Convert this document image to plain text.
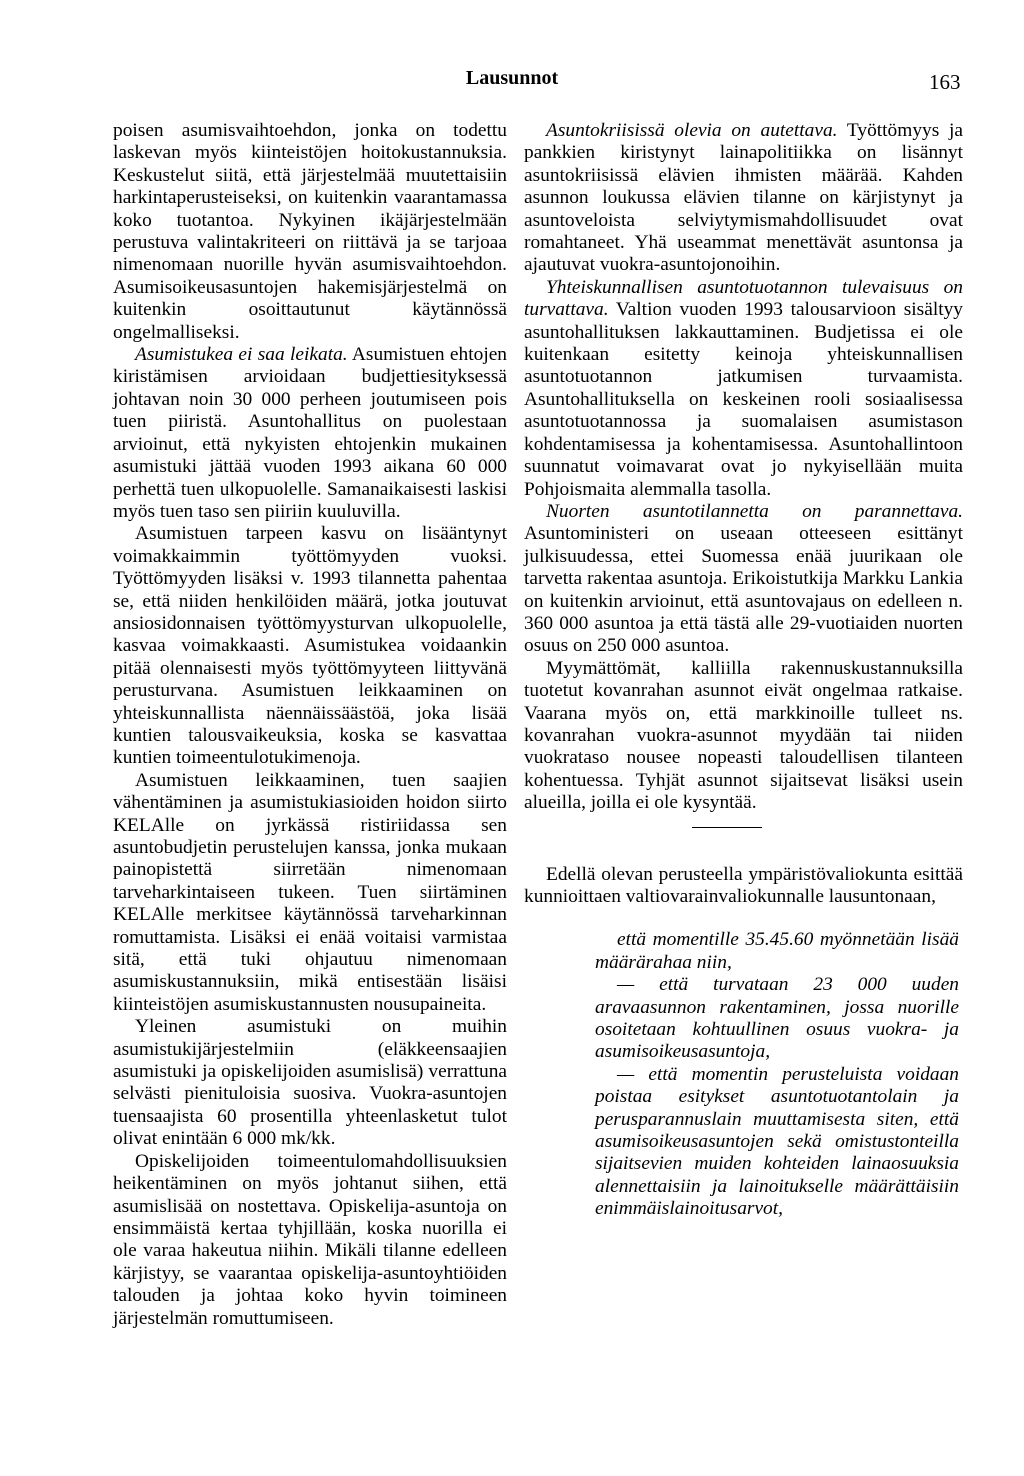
Lausunnot	163

poisen asumisvaihtoehdon, jonka on todettu laskevan myös kiinteistöjen hoitokustannuksia. Keskustelut siitä, että järjestelmää muutettaisiin harkintaperusteiseksi, on kuitenkin vaarantamassa koko tuotantoa. Nykyinen ikäjärjestelmään perustuva valintakriteeri on riittävä ja se tarjoaa nimenomaan nuorille hyvän asumisvaihtoehdon. Asumisoikeusasuntojen hakemisjärjestelmä on kuitenkin osoittautunut käytännössä ongelmalliseksi.

Asumistukea ei saa leikata. Asumistuen ehtojen kiristämisen arvioidaan budjettiesityksessä johtavan noin 30 000 perheen joutumiseen pois tuen piiristä. Asuntohallitus on puolestaan arvioinut, että nykyisten ehtojenkin mukainen asumistuki jättää vuoden 1993 aikana 60 000 perhettä tuen ulkopuolelle. Samanaikaisesti laskisi myös tuen taso sen piiriin kuuluvilla.

Asumistuen tarpeen kasvu on lisääntynyt voimakkaimmin työttömyyden vuoksi. Työttömyyden lisäksi v. 1993 tilannetta pahentaa se, että niiden henkilöiden määrä, jotka joutuvat ansiosidonnaisen työttömyysturvan ulkopuolelle, kasvaa voimakkaasti. Asumistukea voidaankin pitää olennaisesti myös työttömyyteen liittyvänä perusturvana. Asumistuen leikkaaminen on yhteiskunnallista näennäissäästöä, joka lisää kuntien talousvaikeuksia, koska se kasvattaa kuntien toimeentulotukimenoja.

Asumistuen leikkaaminen, tuen saajien vähentäminen ja asumistukiasioiden hoidon siirto KELAlle on jyrkässä ristiriidassa sen asuntobudjetin perustelujen kanssa, jonka mukaan painopistettä siirretään nimenomaan tarveharkintaiseen tukeen. Tuen siirtäminen KELAlle merkitsee käytännössä tarveharkinnan romuttamista. Lisäksi ei enää voitaisi varmistaa sitä, että tuki ohjautuu nimenomaan asumiskustannuksiin, mikä entisestään lisäisi kiinteistöjen asumiskustannusten nousupaineita.

Yleinen asumistuki on muihin asumistukijärjestelmiin (eläkkeensaajien asumistuki ja opiskelijoiden asumislisä) verrattuna selvästi pienituloisia suosiva. Vuokra-asuntojen tuensaajista 60 prosentilla yhteenlasketut tulot olivat enintään 6 000 mk/kk.

Opiskelijoiden toimeentulomahdollisuuksien heikentäminen on myös johtanut siihen, että asumislisää on nostettava. Opiskelija-asuntoja on ensimmäistä kertaa tyhjillään, koska nuorilla ei ole varaa hakeutua niihin. Mikäli tilanne edelleen kärjistyy, se vaarantaa opiskelija-asuntoyhtiöiden talouden ja johtaa koko hyvin toimineen järjestelmän romuttumiseen.

Asuntokriisissä olevia on autettava. Työttömyys ja pankkien kiristynyt lainapolitiikka on lisännyt asuntokriisissä elävien ihmisten määrää. Kahden asunnon loukussa elävien tilanne on kärjistynyt ja asuntoveloista selviytymismahdollisuudet ovat romahtaneet. Yhä useammat menettävät asuntonsa ja ajautuvat vuokra-asuntojonoihin.

Yhteiskunnallisen asuntotuotannon tulevaisuus on turvattava. Valtion vuoden 1993 talousarvioon sisältyy asuntohallituksen lakkauttaminen. Budjetissa ei ole kuitenkaan esitetty keinoja yhteiskunnallisen asuntotuotannon jatkumisen turvaamista. Asuntohallituksella on keskeinen rooli sosiaalisessa asuntotuotannossa ja suomalaisen asumistason kohdentamisessa ja kohentamisessa. Asuntohallintoon suunnatut voimavarat ovat jo nykyisellään muita Pohjoismaita alemmalla tasolla.

Nuorten asuntotilannetta on parannettava. Asuntoministeri on useaan otteeseen esittänyt julkisuudessa, ettei Suomessa enää juurikaan ole tarvetta rakentaa asuntoja. Erikoistutkija Markku Lankia on kuitenkin arvioinut, että asuntovajaus on edelleen n. 360 000 asuntoa ja että tästä alle 29-vuotiaiden nuorten osuus on 250 000 asuntoa.

Myymättömät, kalliilla rakennuskustannuksilla tuotetut kovanrahan asunnot eivät ongelmaa ratkaise. Vaarana myös on, että markkinoille tulleet ns. kovanrahan vuokra-asunnot myydään tai niiden vuokrataso nousee nopeasti taloudellisen tilanteen kohentuessa. Tyhjät asunnot sijaitsevat lisäksi usein alueilla, joilla ei ole kysyntää.

Edellä olevan perusteella ympäristövaliokunta esittää kunnioittaen valtiovarainvaliokunnalle lausuntonaan,

että momentille 35.45.60 myönnetään lisää määrärahaa niin,

— että turvataan 23 000 uuden aravaasunnon rakentaminen, jossa nuorille osoitetaan kohtuullinen osuus vuokra- ja asumisoikeusasuntoja,

— että momentin perusteluista voidaan poistaa esitykset asuntotuotantolain ja perusparannuslain muuttamisesta siten, että asumisoikeusasuntojen sekä omistustonteilla sijaitsevien muiden kohteiden lainaosuuksia alennettaisiin ja lainoitukselle määrättäisiin enimmäislainoitusarvot,
